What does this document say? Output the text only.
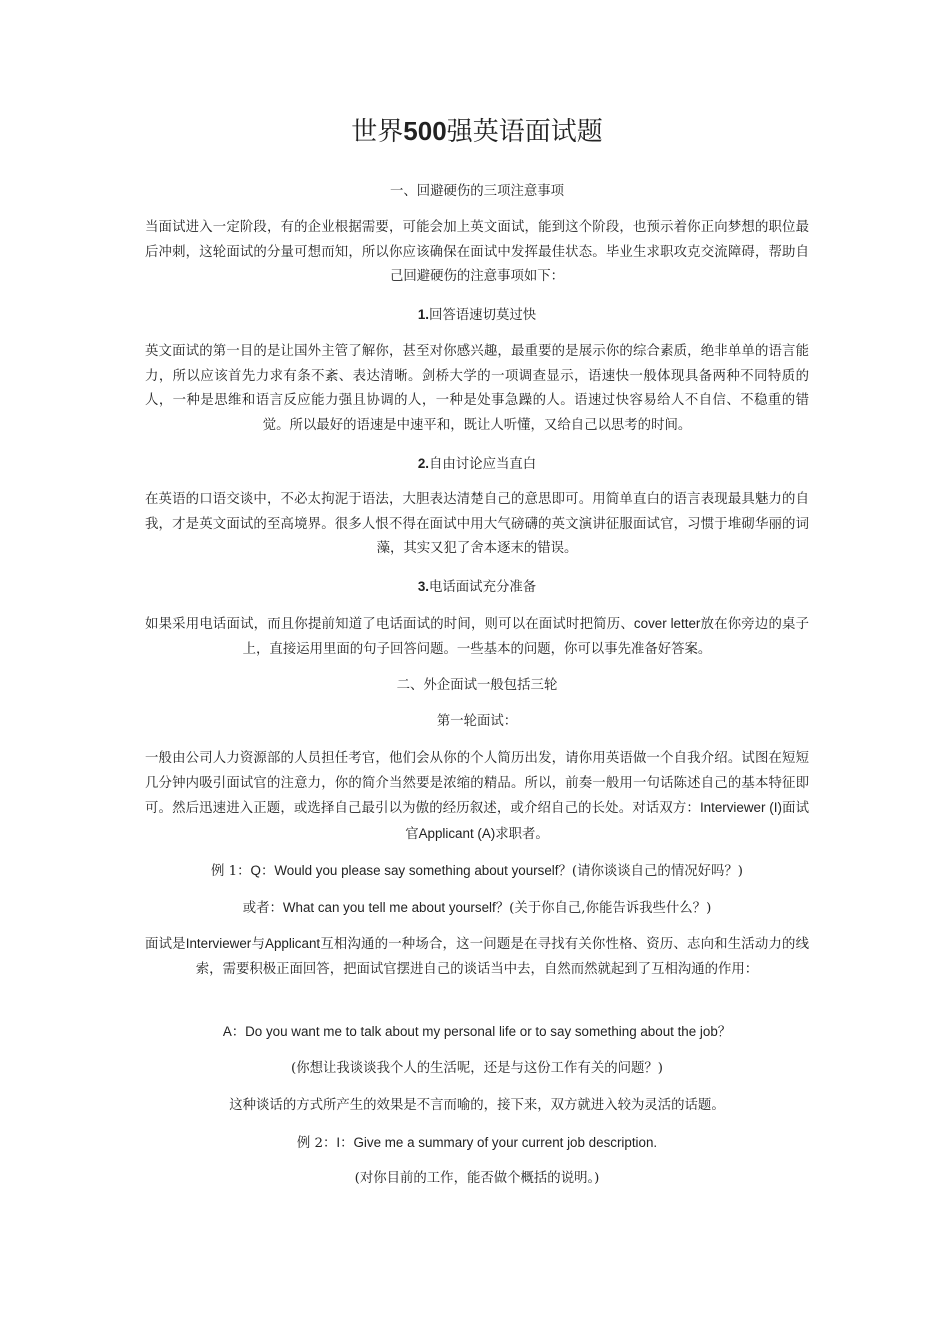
世界500强英语面试题

一、回避硬伤的三项注意事项

当面试进入一定阶段，有的企业根据需要，可能会加上英文面试，能到这个阶段，也预示着你正向梦想的职位最后冲刺，这轮面试的分量可想而知，所以你应该确保在面试中发挥最佳状态。毕业生求职攻克交流障碍，帮助自己回避硬伤的注意事项如下：

1.回答语速切莫过快

英文面试的第一目的是让国外主管了解你，甚至对你感兴趣，最重要的是展示你的综合素质，绝非单单的语言能力，所以应该首先力求有条不紊、表达清晰。剑桥大学的一项调查显示，语速快一般体现具备两种不同特质的人，一种是思维和语言反应能力强且协调的人，一种是处事急躁的人。语速过快容易给人不自信、不稳重的错觉。所以最好的语速是中速平和，既让人听懂，又给自己以思考的时间。

2.自由讨论应当直白

在英语的口语交谈中，不必太拘泥于语法，大胆表达清楚自己的意思即可。用简单直白的语言表现最具魅力的自我，才是英文面试的至高境界。很多人恨不得在面试中用大气磅礴的英文演讲征服面试官，习惯于堆砌华丽的词藻，其实又犯了舍本逐末的错误。

3.电话面试充分准备

如果采用电话面试，而且你提前知道了电话面试的时间，则可以在面试时把简历、cover letter放在你旁边的桌子上，直接运用里面的句子回答问题。一些基本的问题，你可以事先准备好答案。

二、外企面试一般包括三轮

第一轮面试：

一般由公司人力资源部的人员担任考官，他们会从你的个人简历出发，请你用英语做一个自我介绍。试图在短短几分钟内吸引面试官的注意力，你的简介当然要是浓缩的精品。所以，前奏一般用一句话陈述自己的基本特征即可。然后迅速进入正题，或选择自己最引以为傲的经历叙述，或介绍自己的长处。对话双方：Interviewer (I)面试官Applicant (A)求职者。

例 1：Q：Would you please say something about yourself？(请你谈谈自己的情况好吗？)

或者：What can you tell me about yourself？(关于你自己,你能告诉我些什么？)

面试是Interviewer与Applicant互相沟通的一种场合，这一问题是在寻找有关你性格、资历、志向和生活动力的线索，需要积极正面回答，把面试官摆进自己的谈话当中去，自然而然就起到了互相沟通的作用：

A：Do you want me to talk about my personal life or to say something about the job？

(你想让我谈谈我个人的生活呢，还是与这份工作有关的问题？)

这种谈话的方式所产生的效果是不言而喻的，接下来，双方就进入较为灵活的话题。

例 2：I：Give me a summary of your current job description.

(对你目前的工作，能否做个概括的说明。)
